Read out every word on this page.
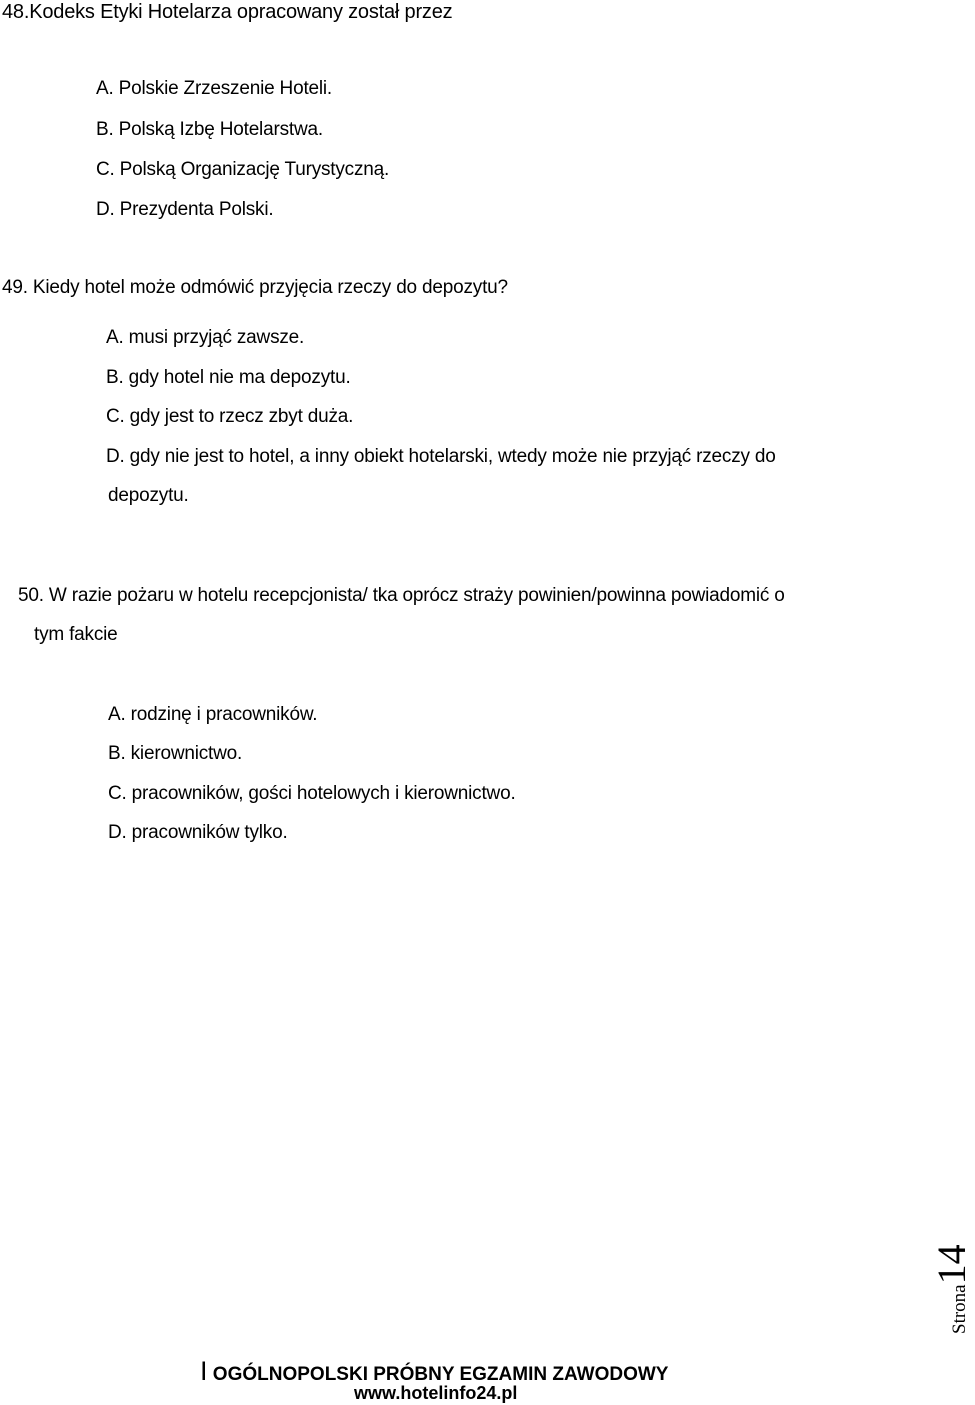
48.Kodeks Etyki Hotelarza opracowany został przez
A. Polskie Zrzeszenie Hoteli.
B. Polską Izbę Hotelarstwa.
C. Polską Organizację Turystyczną.
D. Prezydenta Polski.
49. Kiedy hotel może odmówić przyjęcia rzeczy do depozytu?
A. musi przyjąć zawsze.
B. gdy hotel nie ma depozytu.
C. gdy jest to rzecz zbyt duża.
D. gdy nie jest to hotel, a inny obiekt hotelarski, wtedy może nie przyjąć rzeczy do
depozytu.
50. W razie pożaru w hotelu recepcjonista/ tka oprócz straży powinien/powinna powiadomić o
tym fakcie
A. rodzinę i pracowników.
B. kierownictwo.
C. pracowników, gości hotelowych i kierownictwo.
D. pracowników tylko.
Strona14
I OGÓLNOPOLSKI PRÓBNY EGZAMIN ZAWODOWY
www.hotelinfo24.pl
